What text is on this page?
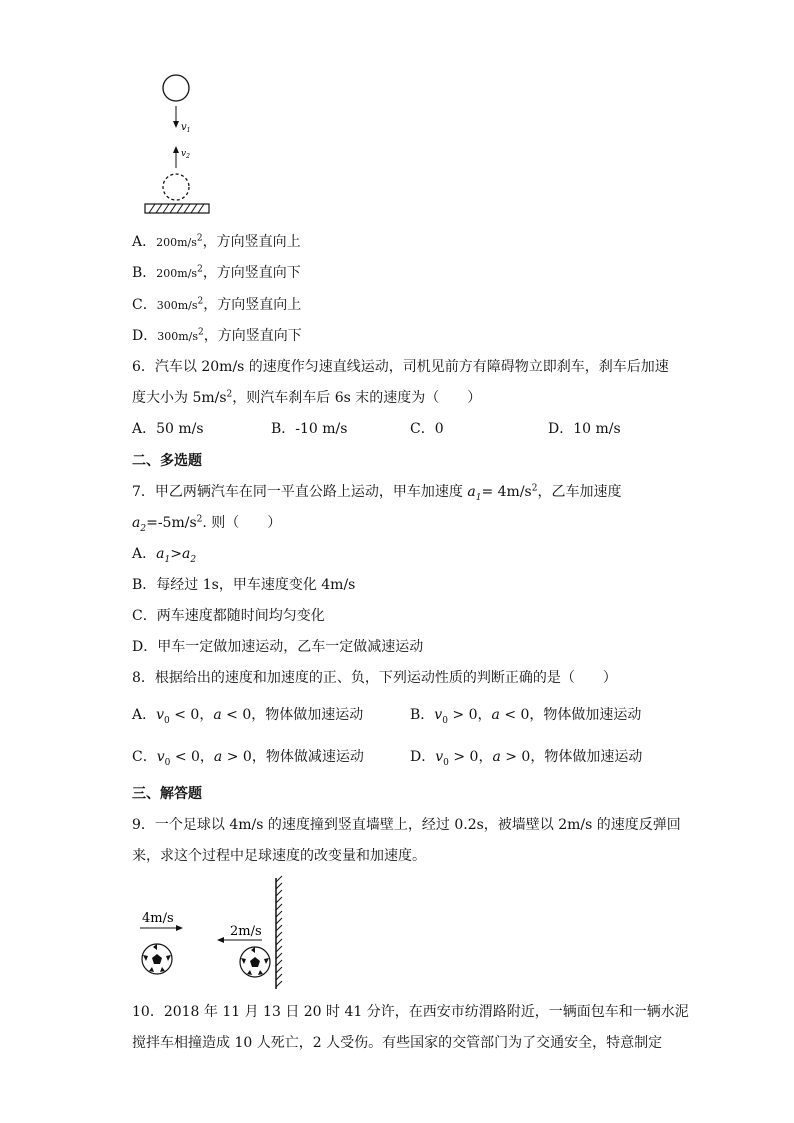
$v_1$
$v_2$
A．$200m/s^2$，方向竖直向上
B．$200m/s^2$，方向竖直向下
C．$300m/s^2$，方向竖直向上
D．$300m/s^2$，方向竖直向下
6．汽车以 20m/s 的速度作匀速直线运动，司机见前方有障碍物立即刹车，刹车后加速
度大小为 $5m/s^2$，则汽车刹车后 6s 末的速度为（　　）
A．50 m/s	B．-10 m/s	C．0	D．10 m/s
二、多选题
7．甲乙两辆汽车在同一平直公路上运动，甲车加速度 $a_1= 4m/s^2$，乙车加速度
$a_2=-5m/s^2$. 则（　　）
A．$a_1>a_2$
B．每经过 1s，甲车速度变化 4m/s
C．两车速度都随时间均匀变化
D．甲车一定做加速运动，乙车一定做减速运动
8．根据给出的速度和加速度的正、负，下列运动性质的判断正确的是（　　）
A．$v_0 < 0$，a < 0，物体做加速运动	B．$v_0 > 0$，a < 0，物体做加速运动
C．$v_0 < 0$，a > 0，物体做减速运动	D．$v_0 > 0$，a > 0，物体做加速运动
三、解答题
9．一个足球以 4m/s 的速度撞到竖直墙壁上，经过 0.2s，被墙壁以 2m/s 的速度反弹回
来，求这个过程中足球速度的改变量和加速度。
4m/s
2m/s
10．2018 年 11 月 13 日 20 时 41 分许，在西安市纺渭路附近，一辆面包车和一辆水泥
搅拌车相撞造成 10 人死亡，2 人受伤。有些国家的交管部门为了交通安全，特意制定
